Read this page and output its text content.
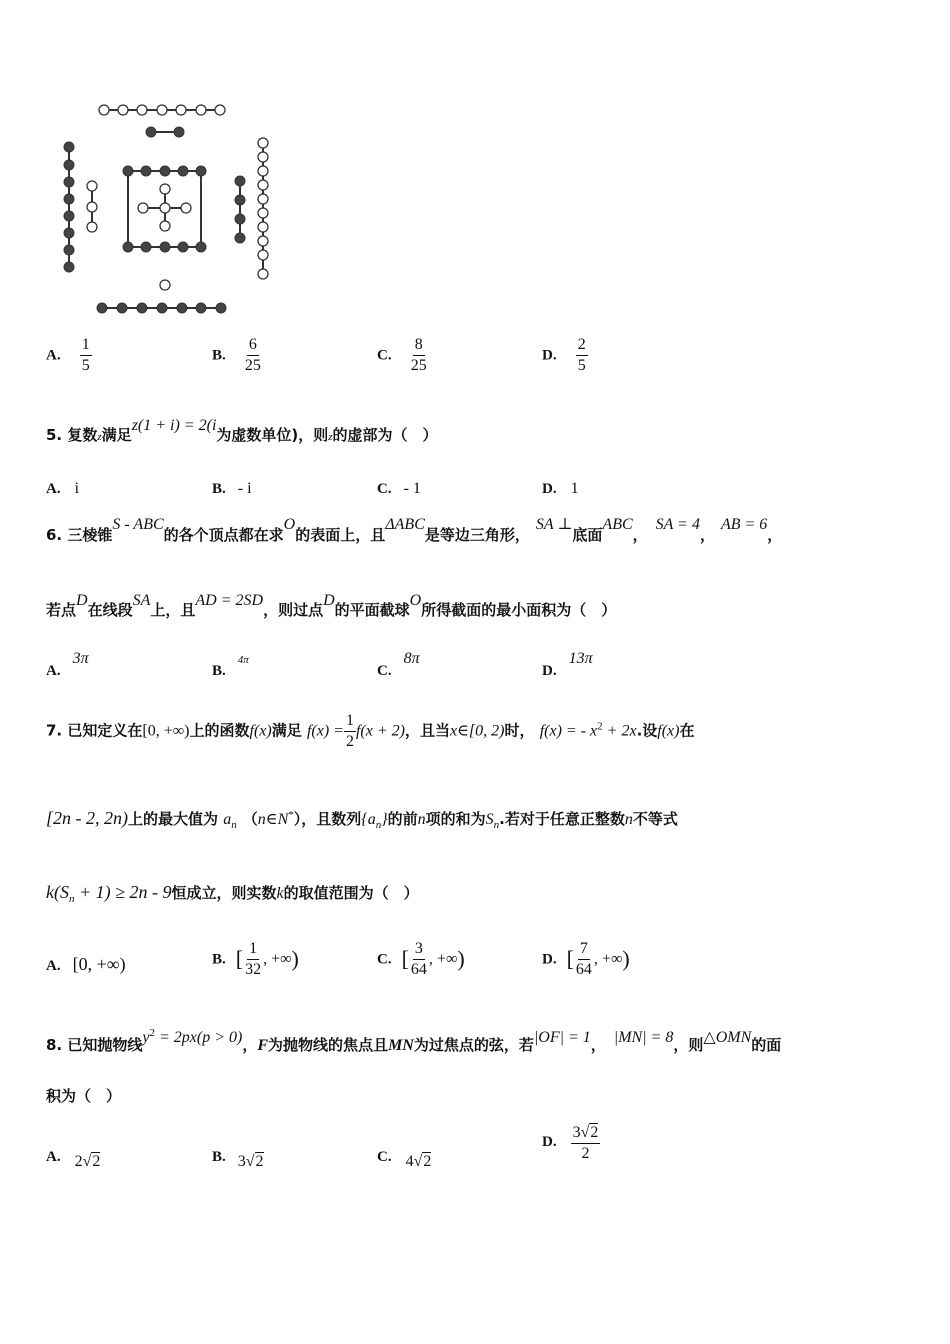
A. $\frac{1}{5}$	B. $\frac{6}{25}$	C. $\frac{8}{25}$	D. $\frac{2}{5}$
5. 复数z满足z(1 + i) = 2(i为虚数单位)，则z的虚部为（　）
A. i	B. - i	C. - 1	D. 1
6. 三棱锥S - ABC的各个顶点都在求O的表面上，且ΔABC是等边三角形，SA ⊥底面ABC，SA = 4，AB = 6，
若点D在线段SA上，且AD = 2SD，则过点D的平面截球O所得截面的最小面积为（　）
A.3π
B.4π
C.8π
D.13π
7. 已知定义在[0, +∞)上的函数f(x)满足 $f(x) = \frac{1}{2} f(x + 2)$，且当x∈[0, 2)时， f(x) = - $x^2 + 2x$.设f(x)在
[2n - 2, 2n)上的最大值为 $a_n$ （n∈N*），且数列$\{a_n\}$的前n项的和为$S_n$.若对于任意正整数n不等式
$k(S_n + 1) \ge 2n - 9$恒成立，则实数k的取值范围为（　）
A. [0, +∞)	B. [ $\frac{1}{32}$ , +∞)	C. [ $\frac{3}{64}$ , +∞)	D. [ $\frac{7}{64}$ , +∞)
8. 已知抛物线$y^2 = 2px(p > 0)$，F为抛物线的焦点且MN为过焦点的弦，若|OF| = 1， |MN| = 8，则△OMN的面
积为（　）
A. 2√2	B. 3√2	C. 4√2
D. $\frac{3√2}{2}$
